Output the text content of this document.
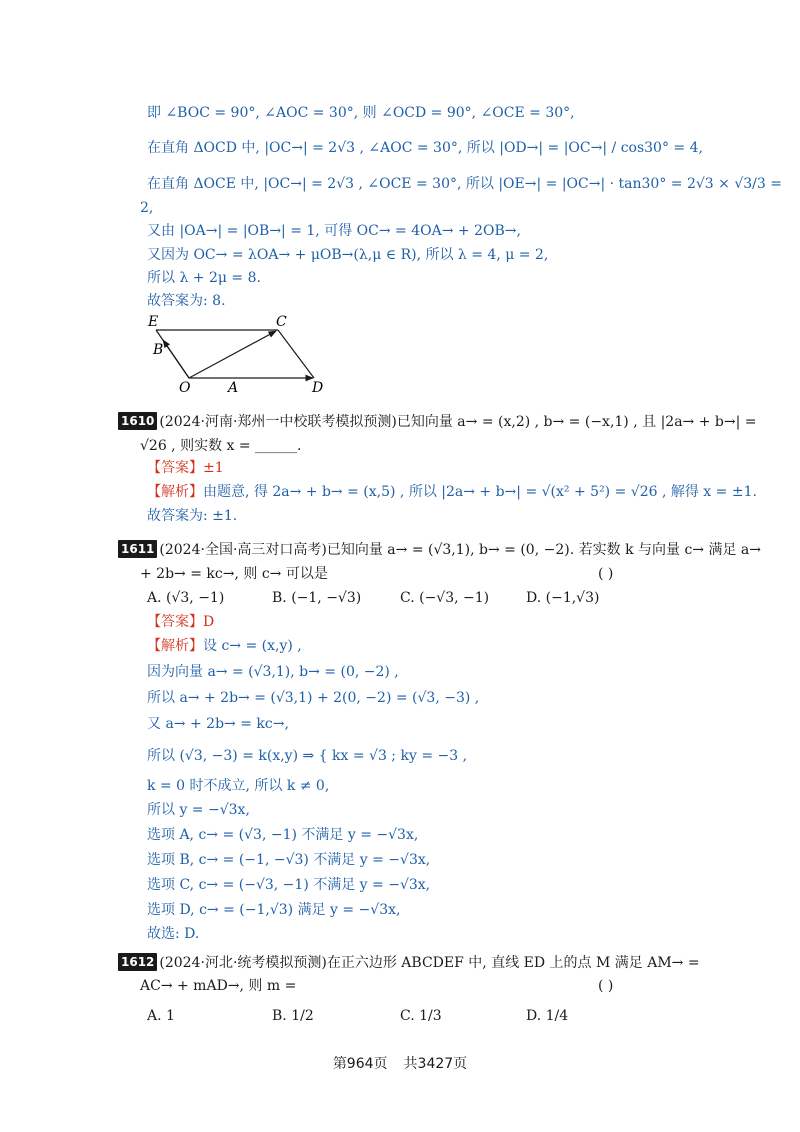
即 ∠BOC = 90°, ∠AOC = 30°, 则 ∠OCD = 90°, ∠OCE = 30°,
在直角 ΔOCD 中, |OC→| = 2√3 , ∠AOC = 30°, 所以 |OD→| = |OC→| / cos30° = 4,
在直角 ΔOCE 中, |OC→| = 2√3 , ∠OCE = 30°, 所以 |OE→| = |OC→| · tan30° = 2√3 × √3/3 =
2,
又由 |OA→| = |OB→| = 1, 可得 OC→ = 4OA→ + 2OB→,
又因为 OC→ = λOA→ + μOB→(λ,μ ∈ R), 所以 λ = 4, μ = 2,
所以 λ + 2μ = 8.
故答案为: 8.
E	C
B
O	A	D
1610 (2024·河南·郑州一中校联考模拟预测)已知向量 a→ = (x,2) , b→ = (−x,1) , 且 |2a→ + b→| =
√26 , 则实数 x = ______.
【答案】±1
【解析】由题意, 得 2a→ + b→ = (x,5) , 所以 |2a→ + b→| = √(x² + 5²) = √26 , 解得 x = ±1.
故答案为: ±1.
1611 (2024·全国·高三对口高考)已知向量 a→ = (√3,1), b→ = (0, −2). 若实数 k 与向量 c→ 满足 a→
+ 2b→ = kc→, 则 c→ 可以是	( )
A. (√3, −1)	B. (−1, −√3)	C. (−√3, −1)	D. (−1,√3)
【答案】D
【解析】设 c→ = (x,y) ,
因为向量 a→ = (√3,1), b→ = (0, −2) ,
所以 a→ + 2b→ = (√3,1) + 2(0, −2) = (√3, −3) ,
又 a→ + 2b→ = kc→,
所以 (√3, −3) = k(x,y) ⇒ { kx = √3 ; ky = −3 ,
k = 0 时不成立, 所以 k ≠ 0,
所以 y = −√3x,
选项 A, c→ = (√3, −1) 不满足 y = −√3x,
选项 B, c→ = (−1, −√3) 不满足 y = −√3x,
选项 C, c→ = (−√3, −1) 不满足 y = −√3x,
选项 D, c→ = (−1,√3) 满足 y = −√3x,
故选: D.
1612 (2024·河北·统考模拟预测)在正六边形 ABCDEF 中, 直线 ED 上的点 M 满足 AM→ =
AC→ + mAD→, 则 m =	( )
A. 1	B. 1/2	C. 1/3	D. 1/4
第964页 共3427页
